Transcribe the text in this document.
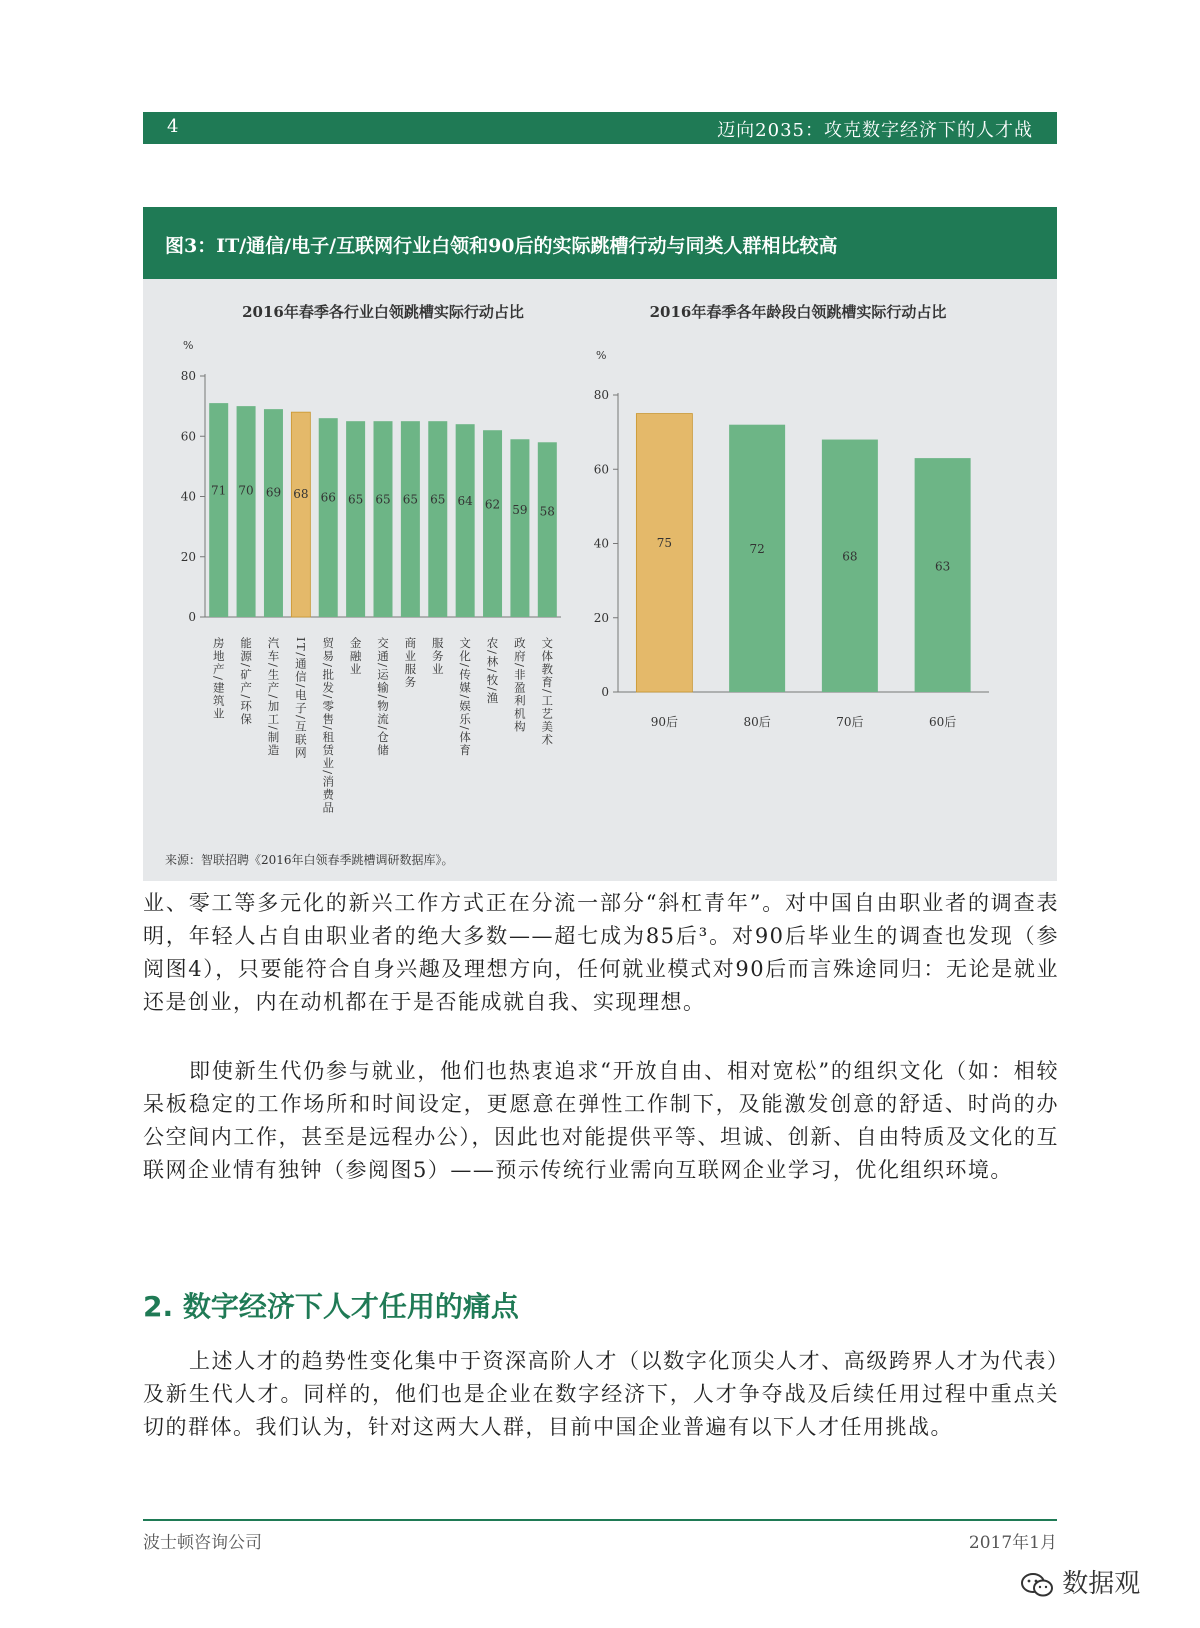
4	迈向2035：攻克数字经济下的人才战
图3：IT/通信/电子/互联网行业白领和90后的实际跳槽行动与同类人群相比较高
2016年春季各行业白领跳槽实际行动占比
%
0
20
40
60
80
71
房地产/建筑业
70
能源/矿产/环保
69
汽车/生产/加工/制造
68
IT/通信/电子/互联网
66
贸易/批发/零售/租赁业/消费品
65
金融业
65
交通/运输/物流/仓储
65
商业服务
65
服务业
64
文化/传媒/娱乐/体育
62
农/林/牧/渔
59
政府/非盈利机构
58
文体教育/工艺美术
2016年春季各年龄段白领跳槽实际行动占比
%
0
20
40
60
80
75
90后
72
80后
68
70后
63
60后
来源：智联招聘《2016年白领春季跳槽调研数据库》。

业、零工等多元化的新兴工作方式正在分流一部分“斜杠青年”。对中国自由职业者的调查表明，年轻人占自由职业者的绝大多数——超七成为85后³。对90后毕业生的调查也发现（参阅图4），只要能符合自身兴趣及理想方向，任何就业模式对90后而言殊途同归：无论是就业还是创业，内在动机都在于是否能成就自我、实现理想。

即使新生代仍参与就业，他们也热衷追求“开放自由、相对宽松”的组织文化（如：相较呆板稳定的工作场所和时间设定，更愿意在弹性工作制下，及能激发创意的舒适、时尚的办公空间内工作，甚至是远程办公），因此也对能提供平等、坦诚、创新、自由特质及文化的互联网企业情有独钟（参阅图5）——预示传统行业需向互联网企业学习，优化组织环境。

2. 数字经济下人才任用的痛点

上述人才的趋势性变化集中于资深高阶人才（以数字化顶尖人才、高级跨界人才为代表）及新生代人才。同样的，他们也是企业在数字经济下，人才争夺战及后续任用过程中重点关切的群体。我们认为，针对这两大人群，目前中国企业普遍有以下人才任用挑战。

波士顿咨询公司	2017年1月
数据观
